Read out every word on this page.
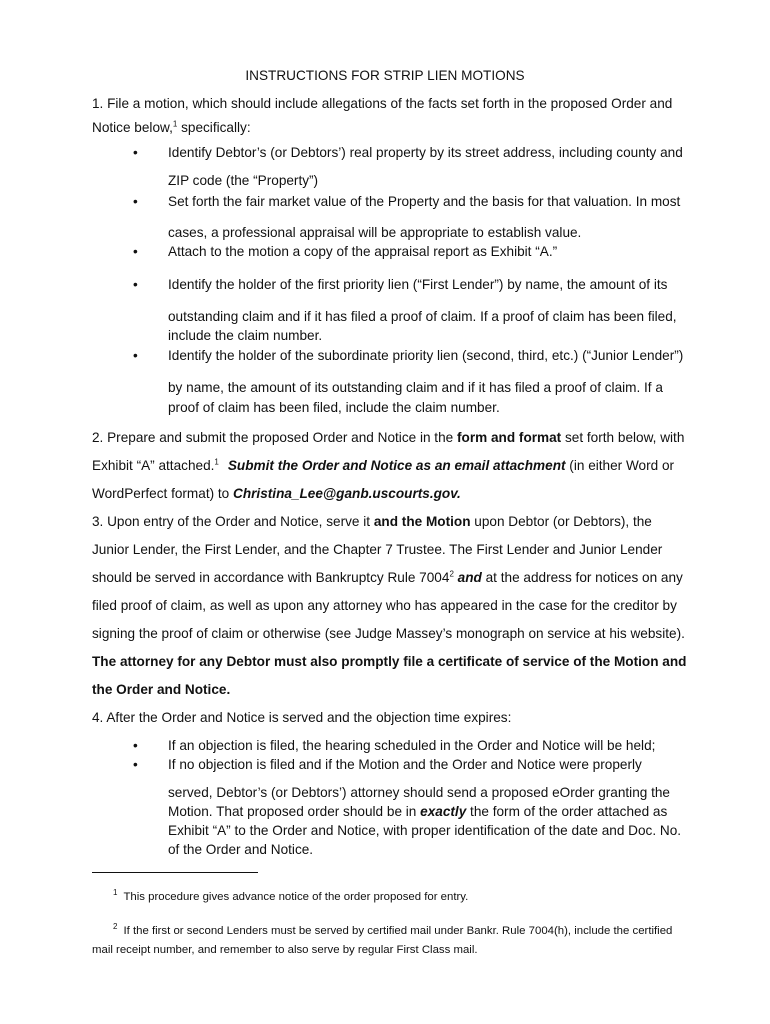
INSTRUCTIONS FOR STRIP LIEN MOTIONS
1. File a motion, which should include allegations of the facts set forth in the proposed Order and
Notice below,$^1$ specifically:
• Identify Debtor’s (or Debtors’) real property by its street address, including county and
ZIP code (the “Property”)
• Set forth the fair market value of the Property and the basis for that valuation. In most
cases, a professional appraisal will be appropriate to establish value.
• Attach to the motion a copy of the appraisal report as Exhibit “A.”
• Identify the holder of the first priority lien (“First Lender”) by name, the amount of its
outstanding claim and if it has filed a proof of claim. If a proof of claim has been filed,
include the claim number.
• Identify the holder of the subordinate priority lien (second, third, etc.) (“Junior Lender”)
by name, the amount of its outstanding claim and if it has filed a proof of claim. If a
proof of claim has been filed, include the claim number.
2. Prepare and submit the proposed Order and Notice in the form and format set forth below, with
Exhibit “A” attached.$^1$ Submit the Order and Notice as an email attachment (in either Word or
WordPerfect format) to Christina_Lee@ganb.uscourts.gov.
3. Upon entry of the Order and Notice, serve it and the Motion upon Debtor (or Debtors), the
Junior Lender, the First Lender, and the Chapter 7 Trustee. The First Lender and Junior Lender
should be served in accordance with Bankruptcy Rule 7004$^2$ and at the address for notices on any
filed proof of claim, as well as upon any attorney who has appeared in the case for the creditor by
signing the proof of claim or otherwise (see Judge Massey’s monograph on service at his website).
The attorney for any Debtor must also promptly file a certificate of service of the Motion and
the Order and Notice.
4. After the Order and Notice is served and the objection time expires:
• If an objection is filed, the hearing scheduled in the Order and Notice will be held;
• If no objection is filed and if the Motion and the Order and Notice were properly
served, Debtor’s (or Debtors’) attorney should send a proposed eOrder granting the
Motion. That proposed order should be in exactly the form of the order attached as
Exhibit “A” to the Order and Notice, with proper identification of the date and Doc. No.
of the Order and Notice.
$^1$ This procedure gives advance notice of the order proposed for entry.
$^2$ If the first or second Lenders must be served by certified mail under Bankr. Rule 7004(h), include the certified
mail receipt number, and remember to also serve by regular First Class mail.
